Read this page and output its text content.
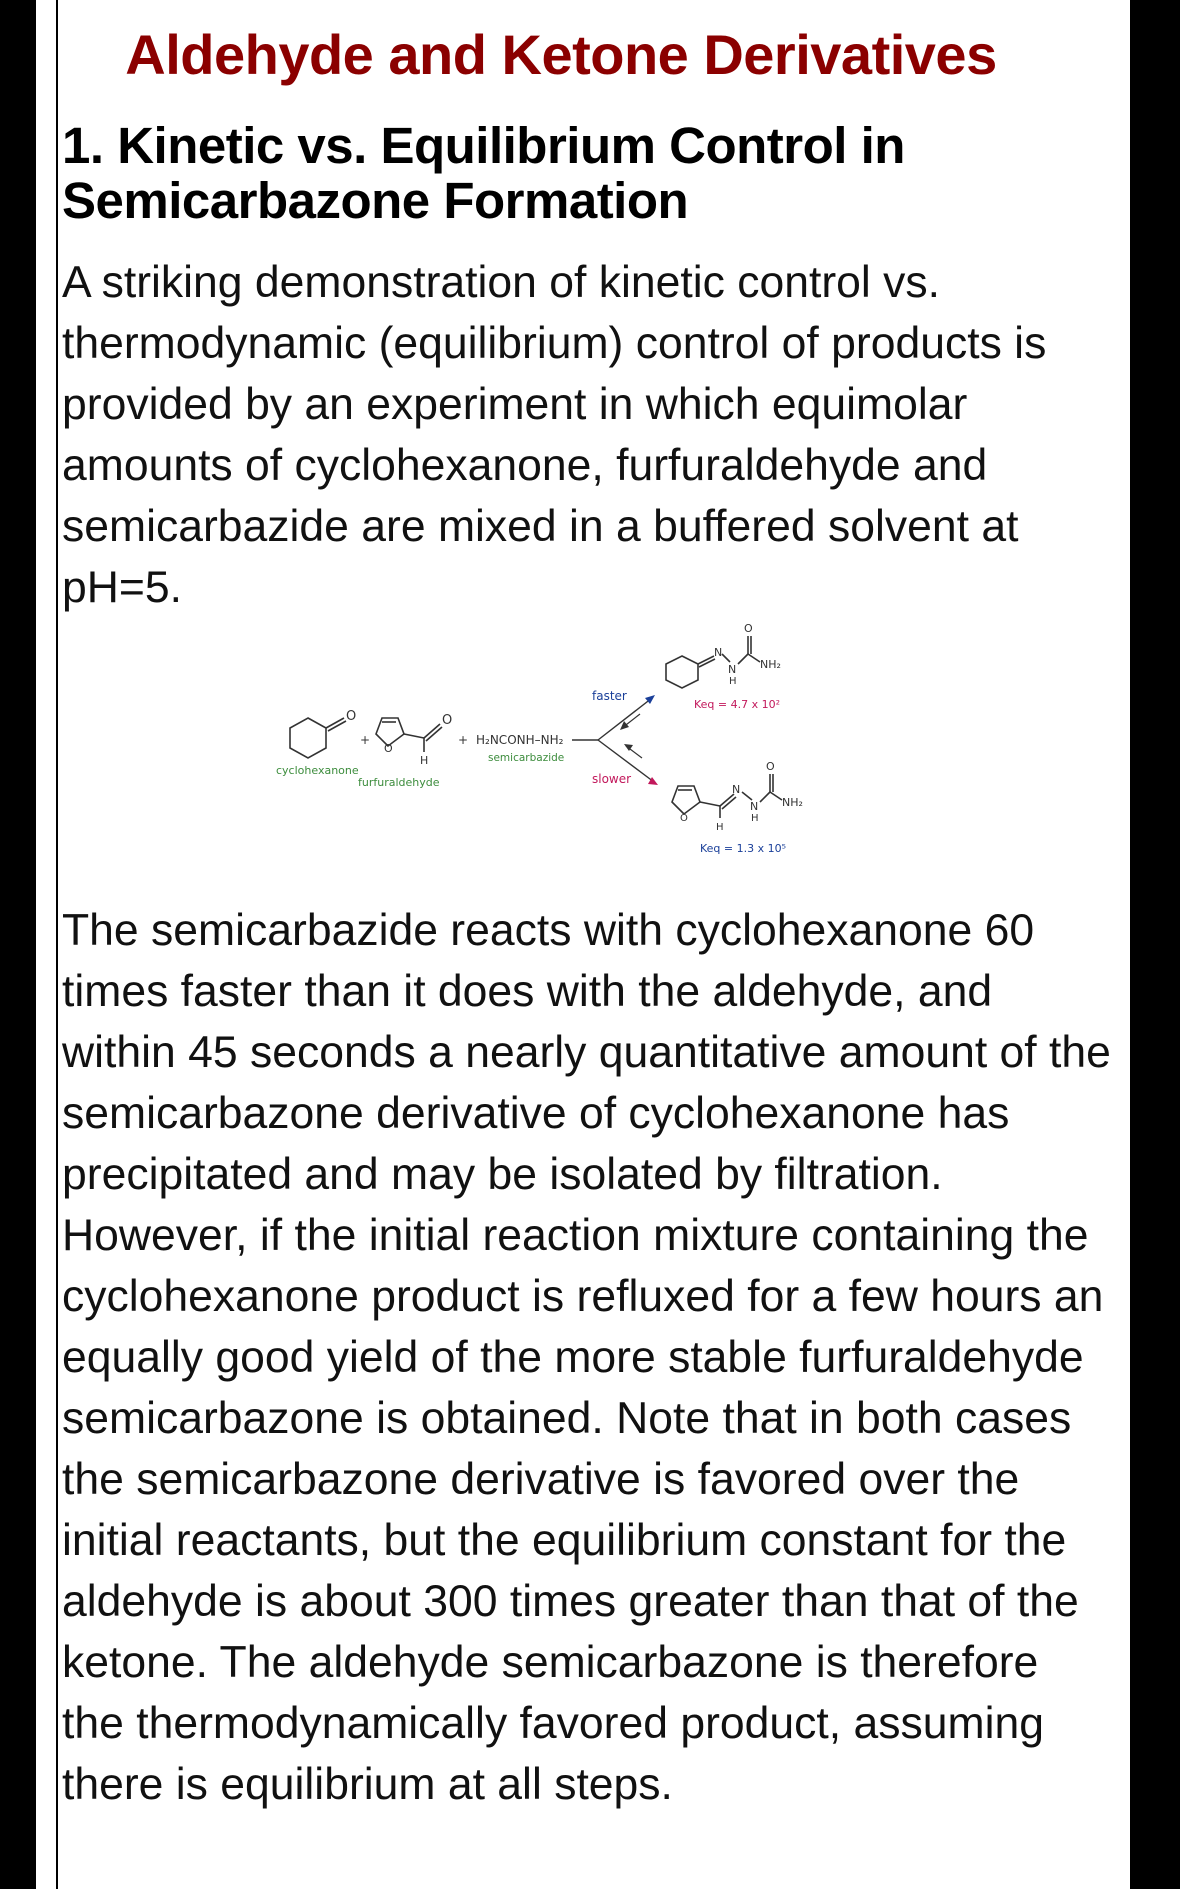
Aldehyde and Ketone Derivatives
1. Kinetic vs. Equilibrium Control in Semicarbazone Formation
A striking demonstration of kinetic control vs. thermodynamic (equilibrium) control of products is provided by an experiment in which equimolar amounts of cyclohexanone, furfuraldehyde and semicarbazide are mixed in a buffered solvent at pH=5.
O
cyclohexanone
+
O
O
H
furfuraldehyde
+ H₂NCONH–NH₂
semicarbazide
faster
slower
N
N
H
O
NH₂
Keq = 4.7 x 10²
O
H
N
N
H
O
NH₂
Keq = 1.3 x 10⁵
The semicarbazide reacts with cyclohexanone 60 times faster than it does with the aldehyde, and within 45 seconds a nearly quantitative amount of the semicarbazone derivative of cyclohexanone has precipitated and may be isolated by filtration. However, if the initial reaction mixture containing the cyclohexanone product is refluxed for a few hours an equally good yield of the more stable furfuraldehyde semicarbazone is obtained. Note that in both cases the semicarbazone derivative is favored over the initial reactants, but the equilibrium constant for the aldehyde is about 300 times greater than that of the ketone. The aldehyde semicarbazone is therefore the thermodynamically favored product, assuming there is equilibrium at all steps.
